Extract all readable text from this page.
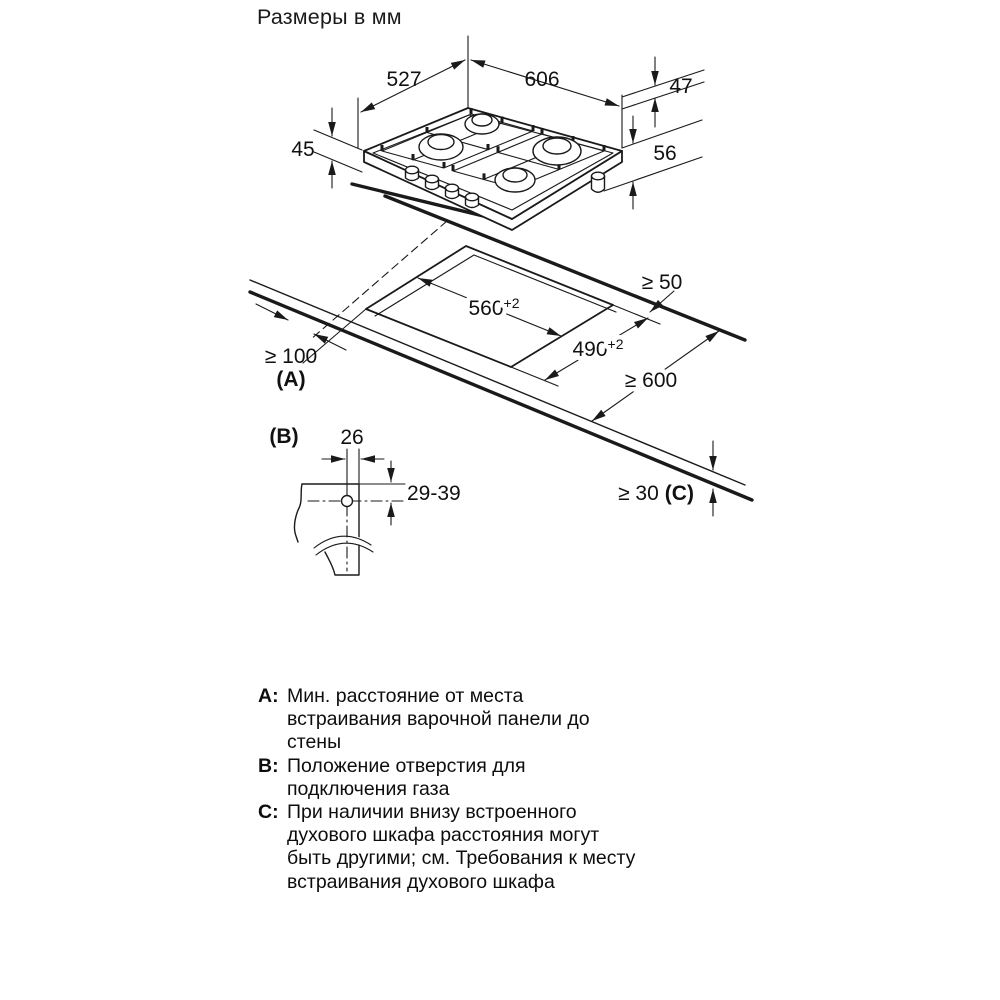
Размеры в мм
527	606
45
47
56
$560^{+2}$
$490^{+2}$
≥ 50
≥ 100
(A)	≥ 600
≥ 30 (C)
(B) 26
29-39
A: Мин. расстояние от места
встраивания варочной панели до
стены
B: Положение отверстия для
подключения газа
C: При наличии внизу встроенного
духового шкафа расстояния могут
быть другими; см. Требования к месту
встраивания духового шкафа
